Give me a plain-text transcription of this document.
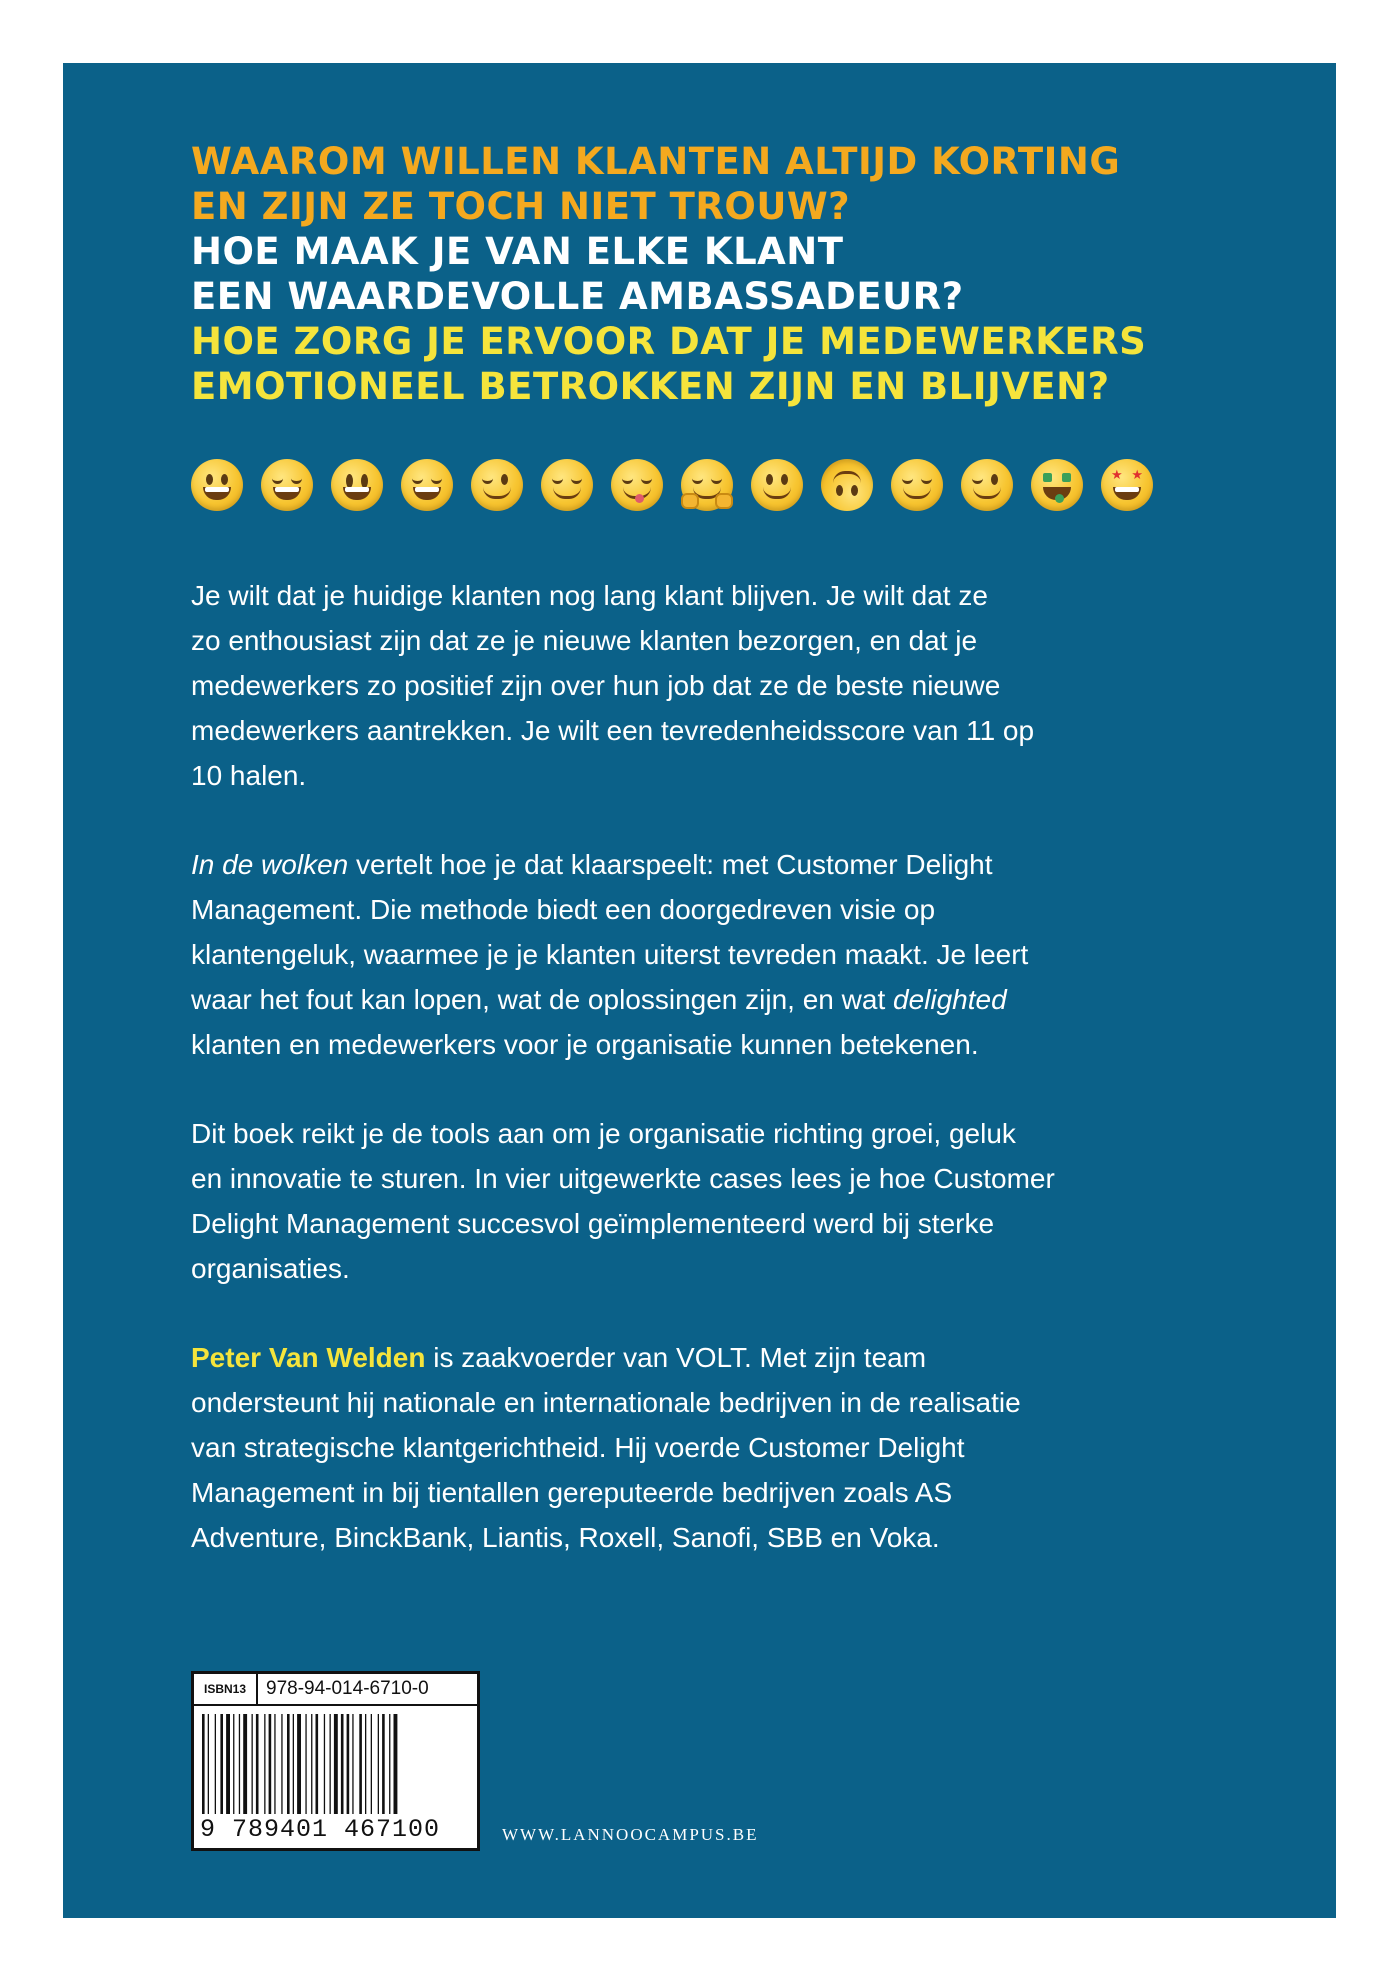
WAAROM WILLEN KLANTEN ALTIJD KORTING
EN ZIJN ZE TOCH NIET TROUW?
HOE MAAK JE VAN ELKE KLANT
EEN WAARDEVOLLE AMBASSADEUR?
HOE ZORG JE ERVOOR DAT JE MEDEWERKERS
EMOTIONEEL BETROKKEN ZIJN EN BLIJVEN?
★ ★

Je wilt dat je huidige klanten nog lang klant blijven. Je wilt dat ze
zo enthousiast zijn dat ze je nieuwe klanten bezorgen, en dat je
medewerkers zo positief zijn over hun job dat ze de beste nieuwe
medewerkers aantrekken. Je wilt een tevredenheidsscore van 11 op
10 halen.

In de wolken vertelt hoe je dat klaarspeelt: met Customer Delight
Management. Die methode biedt een doorgedreven visie op
klantengeluk, waarmee je je klanten uiterst tevreden maakt. Je leert
waar het fout kan lopen, wat de oplossingen zijn, en wat delighted
klanten en medewerkers voor je organisatie kunnen betekenen.

Dit boek reikt je de tools aan om je organisatie richting groei, geluk
en innovatie te sturen. In vier uitgewerkte cases lees je hoe Customer
Delight Management succesvol geïmplementeerd werd bij sterke
organisaties.

Peter Van Welden is zaakvoerder van VOLT. Met zijn team
ondersteunt hij nationale en internationale bedrijven in de realisatie
van strategische klantgerichtheid. Hij voerde Customer Delight
Management in bij tientallen gereputeerde bedrijven zoals AS
Adventure, BinckBank, Liantis, Roxell, Sanofi, SBB en Voka.

ISBN13	978-94-014-6710-0
9 789401 467100	WWW.LANNOOCAMPUS.BE
